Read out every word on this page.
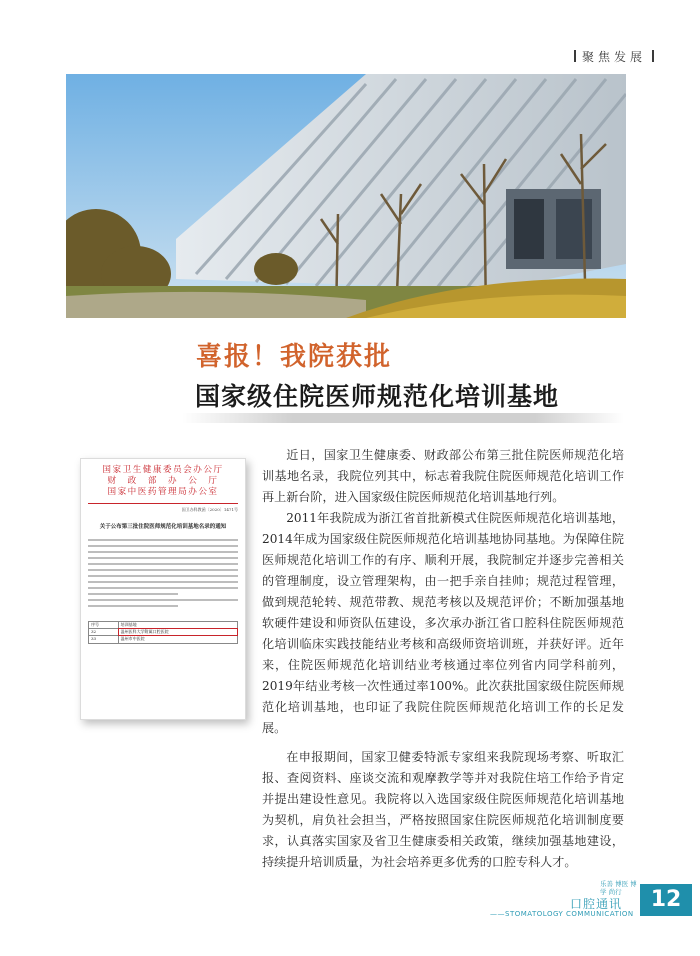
聚焦发展
喜报！我院获批
国家级住院医师规范化培训基地
国家卫生健康委员会办公厅
财　政　部　办　公　厅
国家中医药管理局办公室
国卫办科教函〔2020〕1471号
关于公布第三批住院医师规范化培训基地名录的通知
序号	培训基地
32	温州医科大学附属口腔医院
33	温州市中医院

近日，国家卫生健康委、财政部公布第三批住院医师规范化培训基地名录，我院位列其中，标志着我院住院医师规范化培训工作再上新台阶，进入国家级住院医师规范化培训基地行列。

2011年我院成为浙江省首批新模式住院医师规范化培训基地，2014年成为国家级住院医师规范化培训基地协同基地。为保障住院医师规范化培训工作的有序、顺利开展，我院制定并逐步完善相关的管理制度，设立管理架构，由一把手亲自挂帅；规范过程管理，做到规范轮转、规范带教、规范考核以及规范评价；不断加强基地软硬件建设和师资队伍建设，多次承办浙江省口腔科住院医师规范化培训临床实践技能结业考核和高级师资培训班，并获好评。近年来，住院医师规范化培训结业考核通过率位列省内同学科前列，2019年结业考核一次性通过率100%。此次获批国家级住院医师规范化培训基地，也印证了我院住院医师规范化培训工作的长足发展。

在申报期间，国家卫健委特派专家组来我院现场考察、听取汇报、查阅资料、座谈交流和观摩教学等并对我院住培工作给予肯定并提出建设性意见。我院将以入选国家级住院医师规范化培训基地为契机，肩负社会担当，严格按照国家住院医师规范化培训制度要求，认真落实国家及省卫生健康委相关政策，继续加强基地建设，持续提升培训质量，为社会培养更多优秀的口腔专科人才。

乐善 博医 博学 尚行
口腔通讯
——STOMATOLOGY COMMUNICATION
12
